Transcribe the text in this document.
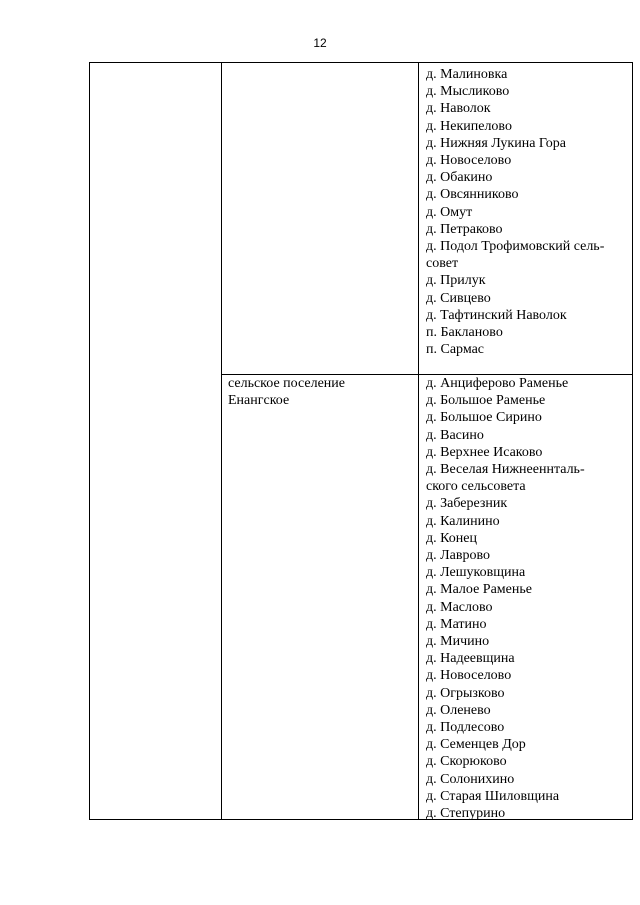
12
д. Малиновка
д. Мысликово
д. Наволок
д. Некипелово
д. Нижняя Лукина Гора
д. Новоселово
д. Обакино
д. Овсянниково
д. Омут
д. Петраково
д. Подол Трофимовский сель-
совет
д. Прилук
д. Сивцево
д. Тафтинский Наволок
п. Баклановo
п. Сармас
сельское поселение
Енангское
д. Анциферово Раменье
д. Большое Раменье
д. Большое Сирино
д. Васино
д. Верхнее Исаково
д. Веселая Нижнееннталь-
ского сельсовета
д. Заберезник
д. Калинино
д. Конец
д. Лаврово
д. Лешуковщина
д. Малое Раменье
д. Маслово
д. Матино
д. Мичино
д. Надеевщина
д. Новоселово
д. Огрызково
д. Оленево
д. Подлесово
д. Семенцев Дор
д. Скорюково
д. Солонихино
д. Старая Шиловщина
д. Степурино
